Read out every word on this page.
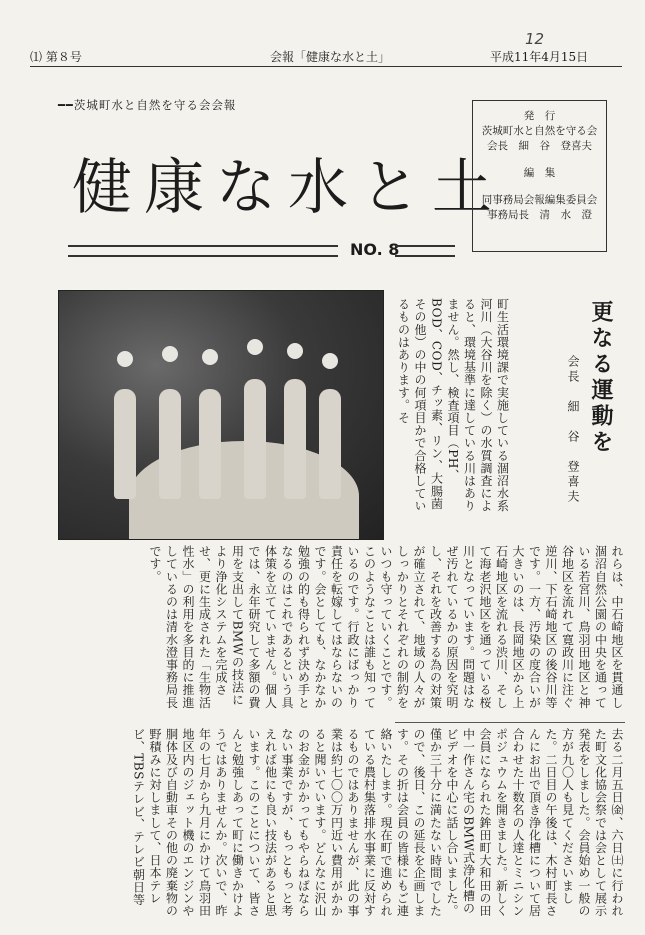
⑴ 第８号	会報「健康な水と土」	平成11年4月15日
12
━━茨城町水と自然を守る会会報
健康な水と土
NO. 8
発　行
茨城町水と自然を守る会
会長　細　谷　登喜夫
編　集
同事務局会報編集委員会
事務局長　清　水　澄
更なる運動を
会長　細　谷　登喜夫
町生活環境課で実施している涸沼水系河川（大谷川を除く）の水質調査によると、環境基準に達している川はありません。然し、検査項目（PH、BOD、COD、チッ素、リン、大腸菌その他）の中の何項目かで合格しているものはあります。そ
れらは、中石崎地区を貫通し涸沼自然公園の中央を通っている若宮川、鳥羽田地区と神谷地区を流れて寛政川に注ぐ逆川、下石崎地区の後谷川等です。一方、汚染の度合いが大きいのは、長岡地区から上石崎地区を流れる渋川、そして海老沢地区を通っている桜川となっています。問題はなぜ汚れているかの原因を究明し、それを改善する為の対策が確立されて、地域の人々がしっかりとそれぞれの制約をいつも守っていくことです。このようなことは誰も知っているのです。行政にばっかり責任を転嫁してはならないのです。会としても、なかなか勉強の的も得られず決め手となるのはこれであるという具体策を立てていません。個人では、永年研究して多額の費用を支出してBMWの技法により浄化システムを完成させ、更に生成された「生物活性水」の利用を多目的に推進しているのは清水澄事務局長です。
去る二月五日㈮、六日㈯に行われた町文化協会祭では会として展示発表をしました。会員始め一般の方が九〇人も見てくださいました。二日目の午後は、木村町長さんにお出で頂き浄化槽について居合わせた十数名の人達とミニシンポジュウムを開きました。新しく会員になられた鉾田町大和田の田中一作さん宅のBMW式浄化槽のビデオを中心に話し合いました。僅か三十分に満たない時間でしたので、後日、この延長を企画します。その折は会員の皆様にもご連絡いたします。現在町で進められている農村集落排水事業に反対するものではありませんが、此の事業は約七〇〇万円近い費用がかかると聞いています。どんなに沢山のお金がかかってもやらねばならない事業ですが、もっともっと考えれば他にも良い技法があると思います。このことについて、皆さんと勉強しあって町に働きかけようではありませんか。次いで、昨年の七月から九月にかけて鳥羽田地区内のジェット機のエンジンや胴体及び自動車その他の廃棄物の野積みに対しまして、日本テレビ、TBSテレビ、テレビ朝日等
